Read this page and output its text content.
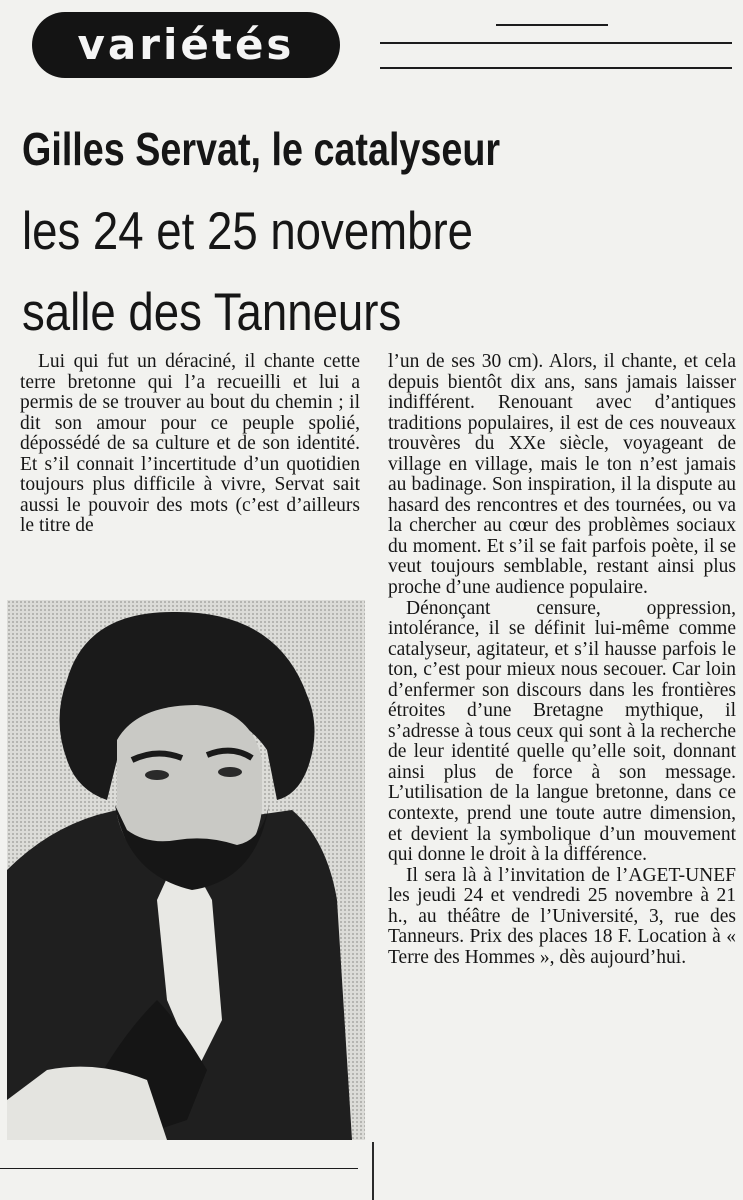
variétés
Gilles Servat, le catalyseur
les 24 et 25 novembre
salle des Tanneurs

Lui qui fut un déraciné, il chante cette terre bretonne qui l’a recueilli et lui a permis de se trouver au bout du chemin ; il dit son amour pour ce peuple spolié, dépossédé de sa culture et de son identité. Et s’il connait l’incertitude d’un quotidien toujours plus difficile à vivre, Servat sait aussi le pouvoir des mots (c’est d’ailleurs le titre de

l’un de ses 30 cm). Alors, il chante, et cela depuis bientôt dix ans, sans jamais laisser indifférent. Renouant avec d’antiques traditions populaires, il est de ces nouveaux trouvères du XXe siècle, voyageant de village en village, mais le ton n’est jamais au badinage. Son inspiration, il la dispute au hasard des rencontres et des tournées, ou va la chercher au cœur des problèmes sociaux du moment. Et s’il se fait parfois poète, il se veut toujours semblable, restant ainsi plus proche d’une audience populaire.

Dénonçant censure, oppression, intolérance, il se définit lui-même comme catalyseur, agitateur, et s’il hausse parfois le ton, c’est pour mieux nous secouer. Car loin d’enfermer son discours dans les frontières étroites d’une Bretagne mythique, il s’adresse à tous ceux qui sont à la recherche de leur identité quelle qu’elle soit, donnant ainsi plus de force à son message. L’utilisation de la langue bretonne, dans ce contexte, prend une toute autre dimension, et devient la symbolique d’un mouvement qui donne le droit à la différence.

Il sera là à l’invitation de l’AGET-UNEF les jeudi 24 et vendredi 25 novembre à 21 h., au théâtre de l’Université, 3, rue des Tanneurs. Prix des places 18 F. Location à « Terre des Hommes », dès aujourd’hui.
